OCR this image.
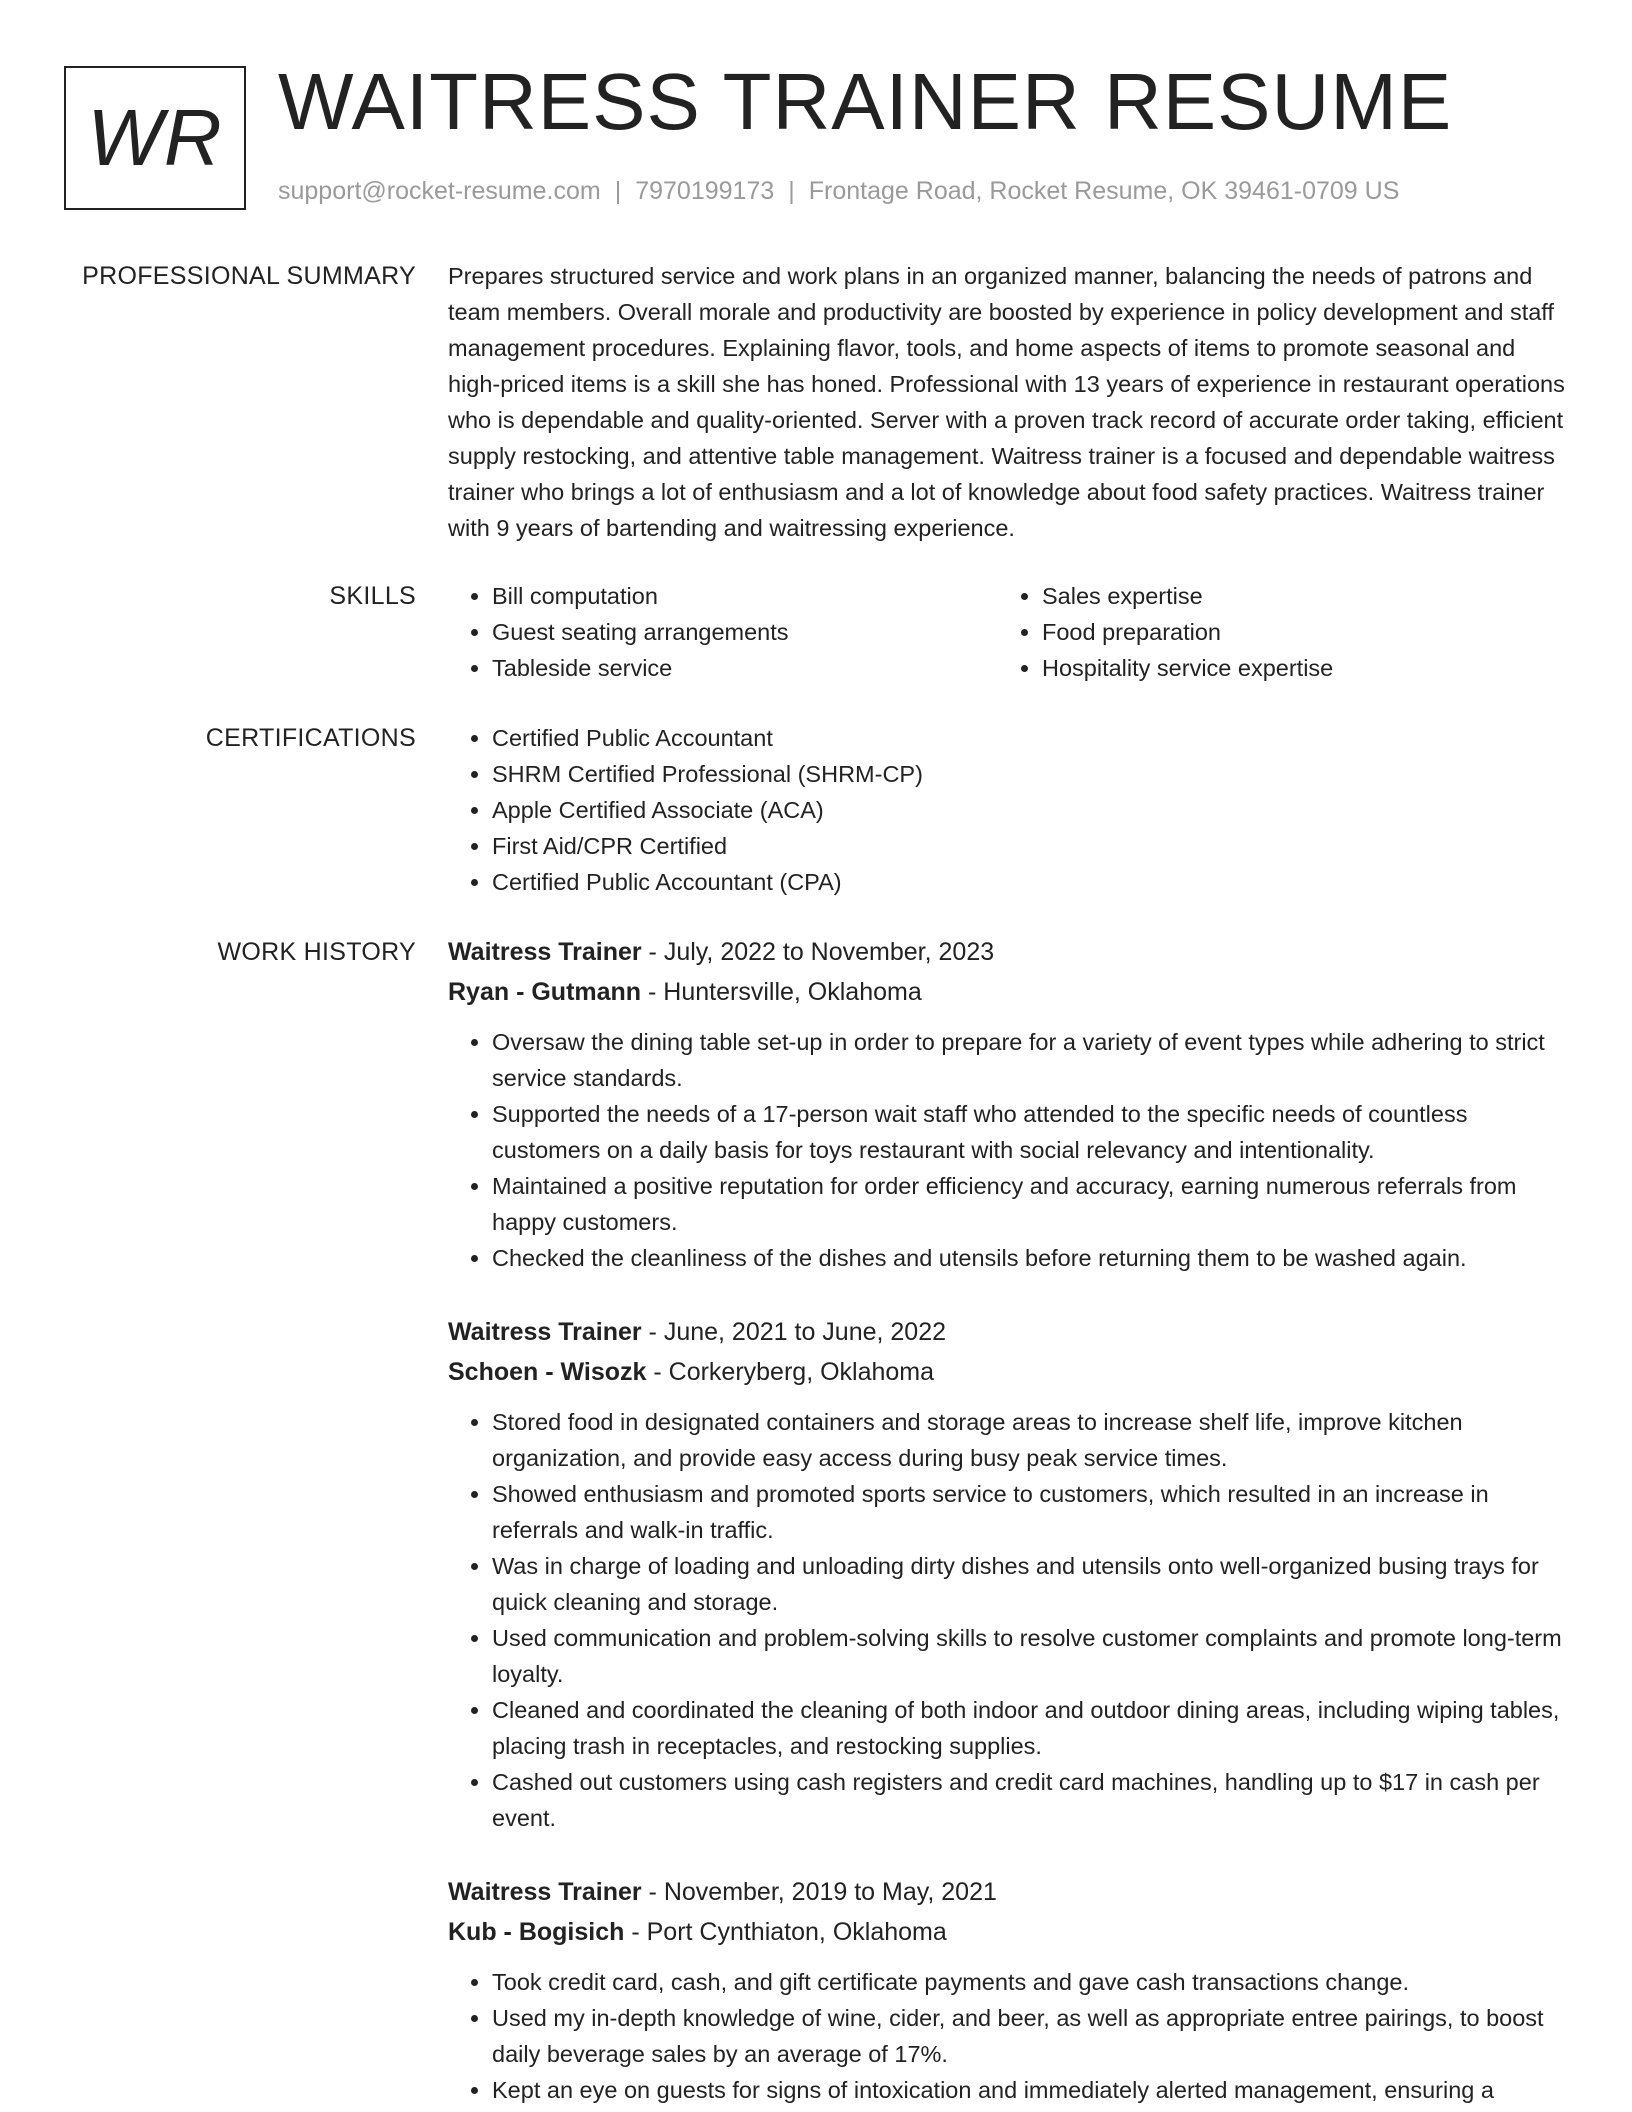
WR WAITRESS TRAINER RESUME
support@rocket-resume.com | 7970199173 | Frontage Road, Rocket Resume, OK 39461-0709 US
PROFESSIONAL SUMMARY Prepares structured service and work plans in an organized manner, balancing the needs of patrons and team members. Overall morale and productivity are boosted by experience in policy development and staff management procedures. Explaining flavor, tools, and home aspects of items to promote seasonal and high-priced items is a skill she has honed. Professional with 13 years of experience in restaurant operations who is dependable and quality-oriented. Server with a proven track record of accurate order taking, efficient supply restocking, and attentive table management. Waitress trainer is a focused and dependable waitress trainer who brings a lot of enthusiasm and a lot of knowledge about food safety practices. Waitress trainer with 9 years of bartending and waitressing experience.

SKILLS	• Bill computation
• Guest seating arrangements
• Tableside service
• Sales expertise
• Food preparation
• Hospitality service expertise
CERTIFICATIONS	• Certified Public Accountant
• SHRM Certified Professional (SHRM-CP)
• Apple Certified Associate (ACA)
• First Aid/CPR Certified
• Certified Public Accountant (CPA)
WORK HISTORY Waitress Trainer - July, 2022 to November, 2023
Ryan - Gutmann - Huntersville, Oklahoma
• Oversaw the dining table set-up in order to prepare for a variety of event types while adhering to strict service standards.
• Supported the needs of a 17-person wait staff who attended to the specific needs of countless customers on a daily basis for toys restaurant with social relevancy and intentionality.
• Maintained a positive reputation for order efficiency and accuracy, earning numerous referrals from happy customers.
• Checked the cleanliness of the dishes and utensils before returning them to be washed again.
Waitress Trainer - June, 2021 to June, 2022
Schoen - Wisozk - Corkeryberg, Oklahoma
• Stored food in designated containers and storage areas to increase shelf life, improve kitchen organization, and provide easy access during busy peak service times.
• Showed enthusiasm and promoted sports service to customers, which resulted in an increase in referrals and walk-in traffic.
• Was in charge of loading and unloading dirty dishes and utensils onto well-organized busing trays for quick cleaning and storage.
• Used communication and problem-solving skills to resolve customer complaints and promote long-term loyalty.
• Cleaned and coordinated the cleaning of both indoor and outdoor dining areas, including wiping tables, placing trash in receptacles, and restocking supplies.
• Cashed out customers using cash registers and credit card machines, handling up to $17 in cash per event.
Waitress Trainer - November, 2019 to May, 2021
Kub - Bogisich - Port Cynthiaton, Oklahoma
• Took credit card, cash, and gift certificate payments and gave cash transactions change.
• Used my in-depth knowledge of wine, cider, and beer, as well as appropriate entree pairings, to boost daily beverage sales by an average of 17%.
• Kept an eye on guests for signs of intoxication and immediately alerted management, ensuring a
